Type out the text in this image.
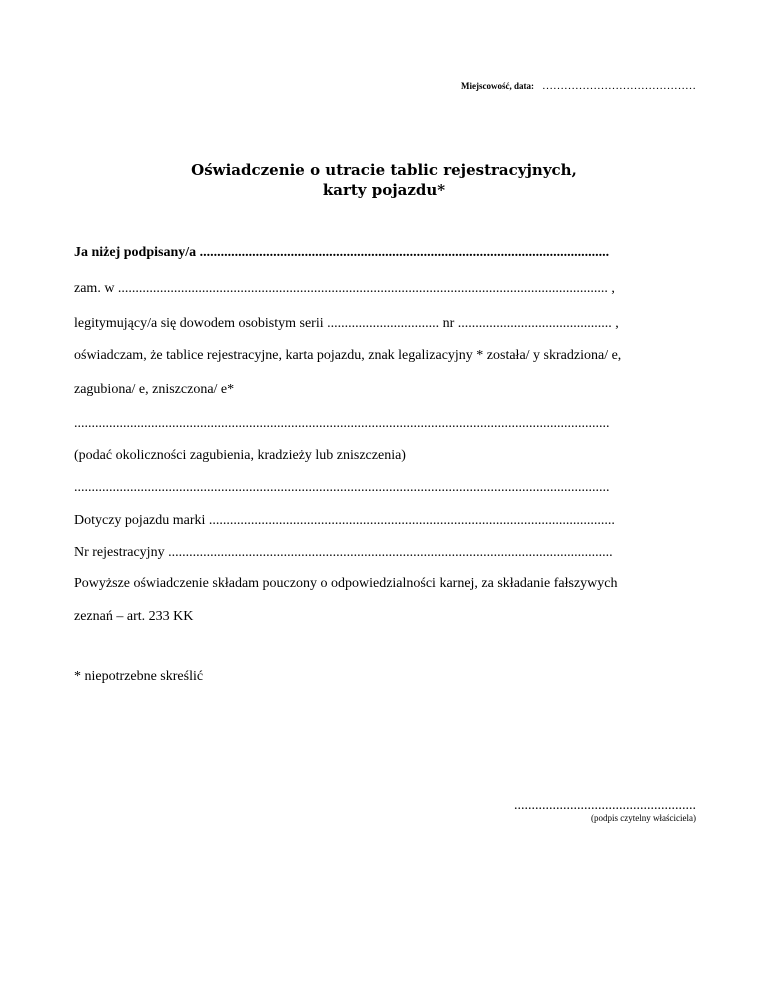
Miejscowość, data: ……………………………………
Oświadczenie o utracie tablic rejestracyjnych,
karty pojazdu*
Ja niżej podpisany/a .....................................................................................................................
zam. w ............................................................................................................................................ ,
legitymujący/a się dowodem osobistym serii ................................ nr ............................................ ,
oświadczam, że tablice rejestracyjne, karta pojazdu, znak legalizacyjny * została/ y skradziona/ e,
zagubiona/ e, zniszczona/ e*
.........................................................................................................................................................
(podać okoliczności zagubienia, kradzieży lub zniszczenia)
.........................................................................................................................................................
Dotyczy pojazdu marki ....................................................................................................................
Nr rejestracyjny ...............................................................................................................................
Powyższe oświadczenie składam pouczony o odpowiedzialności karnej, za składanie fałszywych
zeznań – art. 233 KK
* niepotrzebne skreślić
....................................................
(podpis czytelny właściciela)
